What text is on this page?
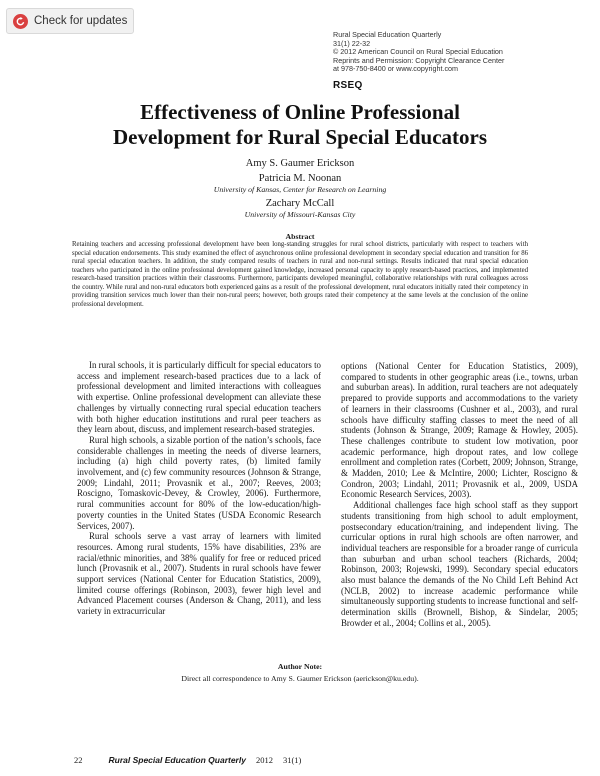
Check for updates
Rural Special Education Quarterly
31(1) 22-32
© 2012 American Council on Rural Special Education
Reprints and Permission: Copyright Clearance Center
at 978-750-8400 or www.copyright.com
RSEQ
Effectiveness of Online Professional
Development for Rural Special Educators
Amy S. Gaumer Erickson
Patricia M. Noonan
University of Kansas, Center for Research on Learning
Zachary McCall
University of Missouri-Kansas City
Abstract
Retaining teachers and accessing professional development have been long-standing struggles for rural school districts, particularly with respect to teachers with special education endorsements. This study examined the effect of asynchronous online professional development in secondary special education and transition for 86 rural special education teachers. In addition, the study compared results of teachers in rural and non-rural settings. Results indicated that rural special education teachers who participated in the online professional development gained knowledge, increased personal capacity to apply research-based practices, and implemented research-based transition practices within their classrooms. Furthermore, participants developed meaningful, collaborative relationships with rural colleagues across the country. While rural and non-rural educators both experienced gains as a result of the professional development, rural educators initially rated their competency in providing transition services much lower than their non-rural peers; however, both groups rated their competency at the same levels at the conclusion of the online professional development.

In rural schools, it is particularly difficult for special educators to access and implement research-based practices due to a lack of professional development and limited interactions with colleagues with expertise. Online professional development can alleviate these challenges by virtually connecting rural special education teachers with both higher education institutions and rural peer teachers as they learn about, discuss, and implement research-based strategies.

Rural high schools, a sizable portion of the nation’s schools, face considerable challenges in meeting the needs of diverse learners, including (a) high child poverty rates, (b) limited family involvement, and (c) few community resources (Johnson & Strange, 2009; Lindahl, 2011; Provasnik et al., 2007; Reeves, 2003; Roscigno, Tomaskovic-Devey, & Crowley, 2006). Furthermore, rural communities account for 80% of the low-education/high-poverty counties in the United States (USDA Economic Research Services, 2007).

Rural schools serve a vast array of learners with limited resources. Among rural students, 15% have disabilities, 23% are racial/ethnic minorities, and 38% qualify for free or reduced priced lunch (Provasnik et al., 2007). Students in rural schools have fewer support services (National Center for Education Statistics, 2009), limited course offerings (Robinson, 2003), fewer high level and Advanced Placement courses (Anderson & Chang, 2011), and less variety in extracurricular

options (National Center for Education Statistics, 2009), compared to students in other geographic areas (i.e., towns, urban and suburban areas). In addition, rural teachers are not adequately prepared to provide supports and accommodations to the variety of learners in their classrooms (Cushner et al., 2003), and rural schools have difficulty staffing classes to meet the need of all students (Johnson & Strange, 2009; Ramage & Howley, 2005). These challenges contribute to student low motivation, poor academic performance, high dropout rates, and low college enrollment and completion rates (Corbett, 2009; Johnson, Strange, & Madden, 2010; Lee & McIntire, 2000; Lichter, Roscigno & Condron, 2003; Lindahl, 2011; Provasnik et al., 2009, USDA Economic Research Services, 2003).

Additional challenges face high school staff as they support students transitioning from high school to adult employment, postsecondary education/training, and independent living. The curricular options in rural high schools are often narrower, and individual teachers are responsible for a broader range of curricula than suburban and urban school teachers (Richards, 2004; Robinson, 2003; Rojewski, 1999). Secondary special educators also must balance the demands of the No Child Left Behind Act (NCLB, 2002) to increase academic performance while simultaneously supporting students to increase functional and self-determination skills (Brownell, Bishop, & Sindelar, 2005; Browder et al., 2004; Collins et al., 2005).

Author Note:
Direct all correspondence to Amy S. Gaumer Erickson (aerickson@ku.edu).
22	Rural Special Education Quarterly 2012 31(1)
